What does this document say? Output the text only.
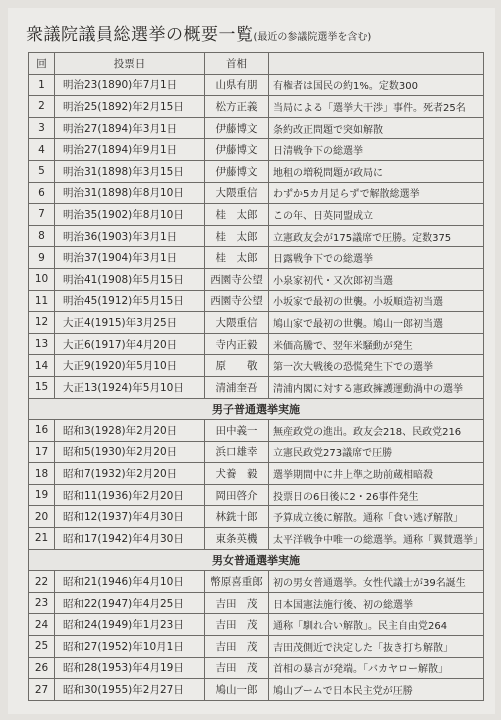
衆議院議員総選挙の概要一覧(最近の参議院選挙を含む)
回	投票日	首相	
1	明治23(1890)年7月1日	山県有朋	有権者は国民の約1%。定数300
2	明治25(1892)年2月15日	松方正義	当局による「選挙大干渉」事件。死者25名
3	明治27(1894)年3月1日	伊藤博文	条約改正問題で突如解散
4	明治27(1894)年9月1日	伊藤博文	日清戦争下の総選挙
5	明治31(1898)年3月15日	伊藤博文	地租の増税問題が政局に
6	明治31(1898)年8月10日	大隈重信	わずか5カ月足らずで解散総選挙
7	明治35(1902)年8月10日	桂　太郎	この年、日英同盟成立
8	明治36(1903)年3月1日	桂　太郎	立憲政友会が175議席で圧勝。定数375
9	明治37(1904)年3月1日	桂　太郎	日露戦争下での総選挙
10	明治41(1908)年5月15日	西園寺公望	小泉家初代・又次郎初当選
11	明治45(1912)年5月15日	西園寺公望	小坂家で最初の世襲。小坂順造初当選
12	大正4(1915)年3月25日	大隈重信	鳩山家で最初の世襲。鳩山一郎初当選
13	大正6(1917)年4月20日	寺内正毅	米価高騰で、翌年米騒動が発生
14	大正9(1920)年5月10日	原　　敬	第一次大戦後の恐慌発生下での選挙
15	大正13(1924)年5月10日	清浦奎吾	清浦内閣に対する憲政擁護運動渦中の選挙
男子普通選挙実施			
16	昭和3(1928)年2月20日	田中義一	無産政党の進出。政友会218、民政党216
17	昭和5(1930)年2月20日	浜口雄幸	立憲民政党273議席で圧勝
18	昭和7(1932)年2月20日	犬養　毅	選挙期間中に井上準之助前蔵相暗殺
19	昭和11(1936)年2月20日	岡田啓介	投票日の6日後に2・26事件発生
20	昭和12(1937)年4月30日	林銑十郎	予算成立後に解散。通称「食い逃げ解散」
21	昭和17(1942)年4月30日	東条英機	太平洋戦争中唯一の総選挙。通称「翼賛選挙」
男女普通選挙実施			
22	昭和21(1946)年4月10日	幣原喜重郎	初の男女普通選挙。女性代議士が39名誕生
23	昭和22(1947)年4月25日	吉田　茂	日本国憲法施行後、初の総選挙
24	昭和24(1949)年1月23日	吉田　茂	通称「馴れ合い解散」。民主自由党264
25	昭和27(1952)年10月1日	吉田　茂	吉田茂側近で決定した「抜き打ち解散」
26	昭和28(1953)年4月19日	吉田　茂	首相の暴言が発端。「バカヤロー解散」
27	昭和30(1955)年2月27日	鳩山一郎	鳩山ブームで日本民主党が圧勝
